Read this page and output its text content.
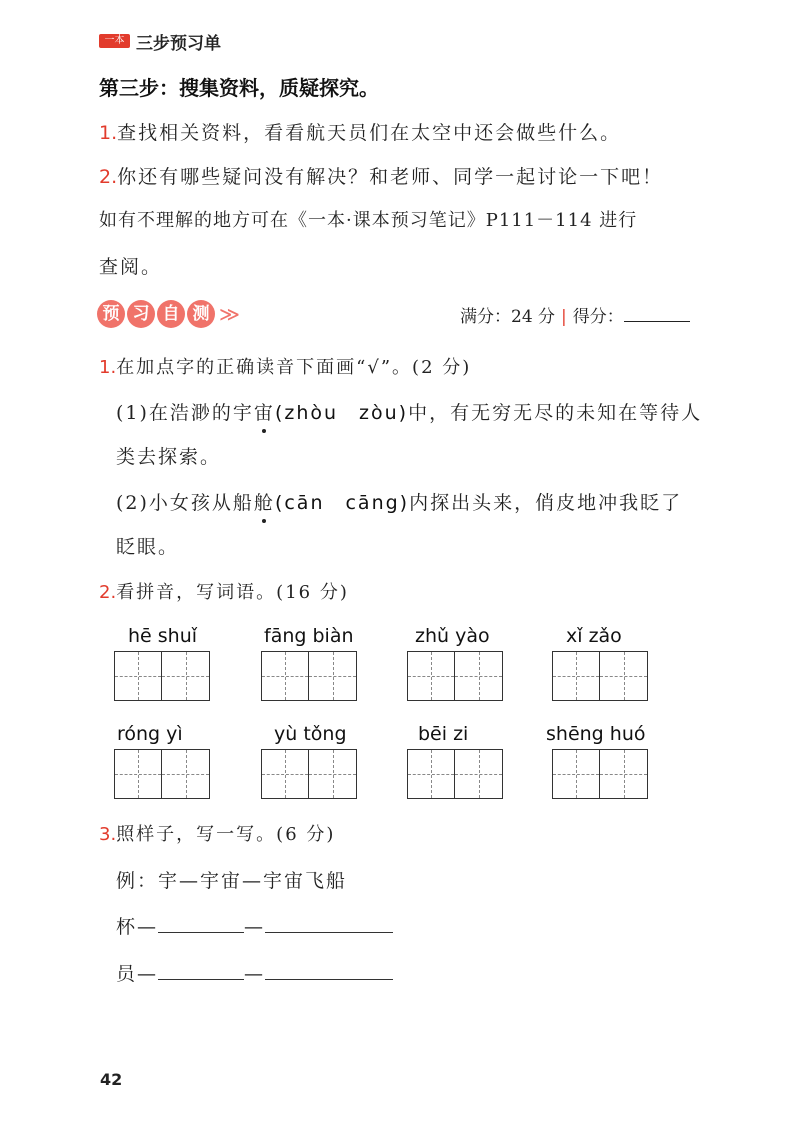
一本 三步预习单
第三步：搜集资料，质疑探究。
1.查找相关资料，看看航天员们在太空中还会做些什么。
2.你还有哪些疑问没有解决？和老师、同学一起讨论一下吧！
如有不理解的地方可在《一本·课本预习笔记》P111－114 进行
查阅。
预 习 自 测 ≫	满分：24 分 | 得分：
1.在加点字的正确读音下面画“√”。(2 分)
(1)在浩渺的宇宙(zhòu　zòu)中，有无穷无尽的未知在等待人
类去探索。
(2)小女孩从船舱(cān　cāng)内探出头来，俏皮地冲我眨了
眨眼。
2.看拼音，写词语。(16 分)
hē shuǐ	fāng biàn	zhǔ yào	xǐ zǎo
róng yì	yù tǒng	bēi zi	shēng huó
3.照样子，写一写。(6 分)
例：宇—宇宙—宇宙飞船
杯—	—
员—	—
42
